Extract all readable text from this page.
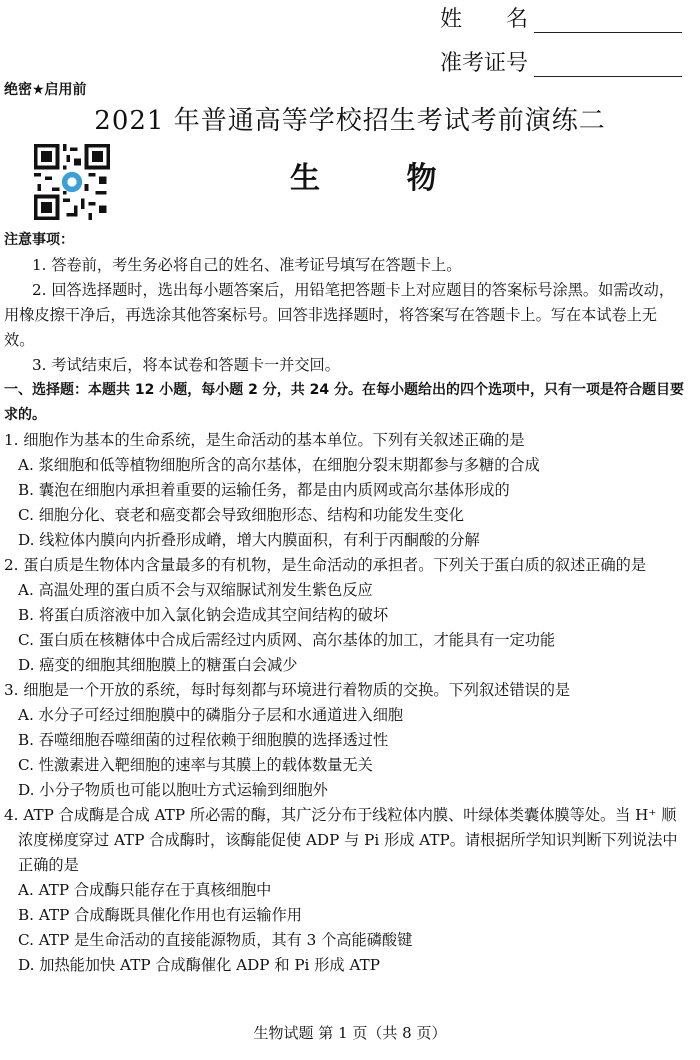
姓　　名
准考证号
绝密★启用前
2021 年普通高等学校招生考试考前演练二
生 物

注意事项：

1. 答卷前，考生务必将自己的姓名、准考证号填写在答题卡上。

2. 回答选择题时，选出每小题答案后，用铅笔把答题卡上对应题目的答案标号涂黑。如需改动，用橡皮擦干净后，再选涂其他答案标号。回答非选择题时，将答案写在答题卡上。写在本试卷上无效。

3. 考试结束后，将本试卷和答题卡一并交回。

一、选择题：本题共 12 小题，每小题 2 分，共 24 分。在每小题给出的四个选项中，只有一项是符合题目要求的。

1. 细胞作为基本的生命系统，是生命活动的基本单位。下列有关叙述正确的是

A. 浆细胞和低等植物细胞所含的高尔基体，在细胞分裂末期都参与多糖的合成

B. 囊泡在细胞内承担着重要的运输任务，都是由内质网或高尔基体形成的

C. 细胞分化、衰老和癌变都会导致细胞形态、结构和功能发生变化

D. 线粒体内膜向内折叠形成嵴，增大内膜面积，有利于丙酮酸的分解

2. 蛋白质是生物体内含量最多的有机物，是生命活动的承担者。下列关于蛋白质的叙述正确的是

A. 高温处理的蛋白质不会与双缩脲试剂发生紫色反应

B. 将蛋白质溶液中加入氯化钠会造成其空间结构的破坏

C. 蛋白质在核糖体中合成后需经过内质网、高尔基体的加工，才能具有一定功能

D. 癌变的细胞其细胞膜上的糖蛋白会减少

3. 细胞是一个开放的系统，每时每刻都与环境进行着物质的交换。下列叙述错误的是

A. 水分子可经过细胞膜中的磷脂分子层和水通道进入细胞

B. 吞噬细胞吞噬细菌的过程依赖于细胞膜的选择透过性

C. 性激素进入靶细胞的速率与其膜上的载体数量无关

D. 小分子物质也可能以胞吐方式运输到细胞外

4. ATP 合成酶是合成 ATP 所必需的酶，其广泛分布于线粒体内膜、叶绿体类囊体膜等处。当 H⁺ 顺浓度梯度穿过 ATP 合成酶时，该酶能促使 ADP 与 Pi 形成 ATP。请根据所学知识判断下列说法中正确的是

A. ATP 合成酶只能存在于真核细胞中

B. ATP 合成酶既具催化作用也有运输作用

C. ATP 是生命活动的直接能源物质，其有 3 个高能磷酸键

D. 加热能加快 ATP 合成酶催化 ADP 和 Pi 形成 ATP

生物试题 第 1 页（共 8 页）
